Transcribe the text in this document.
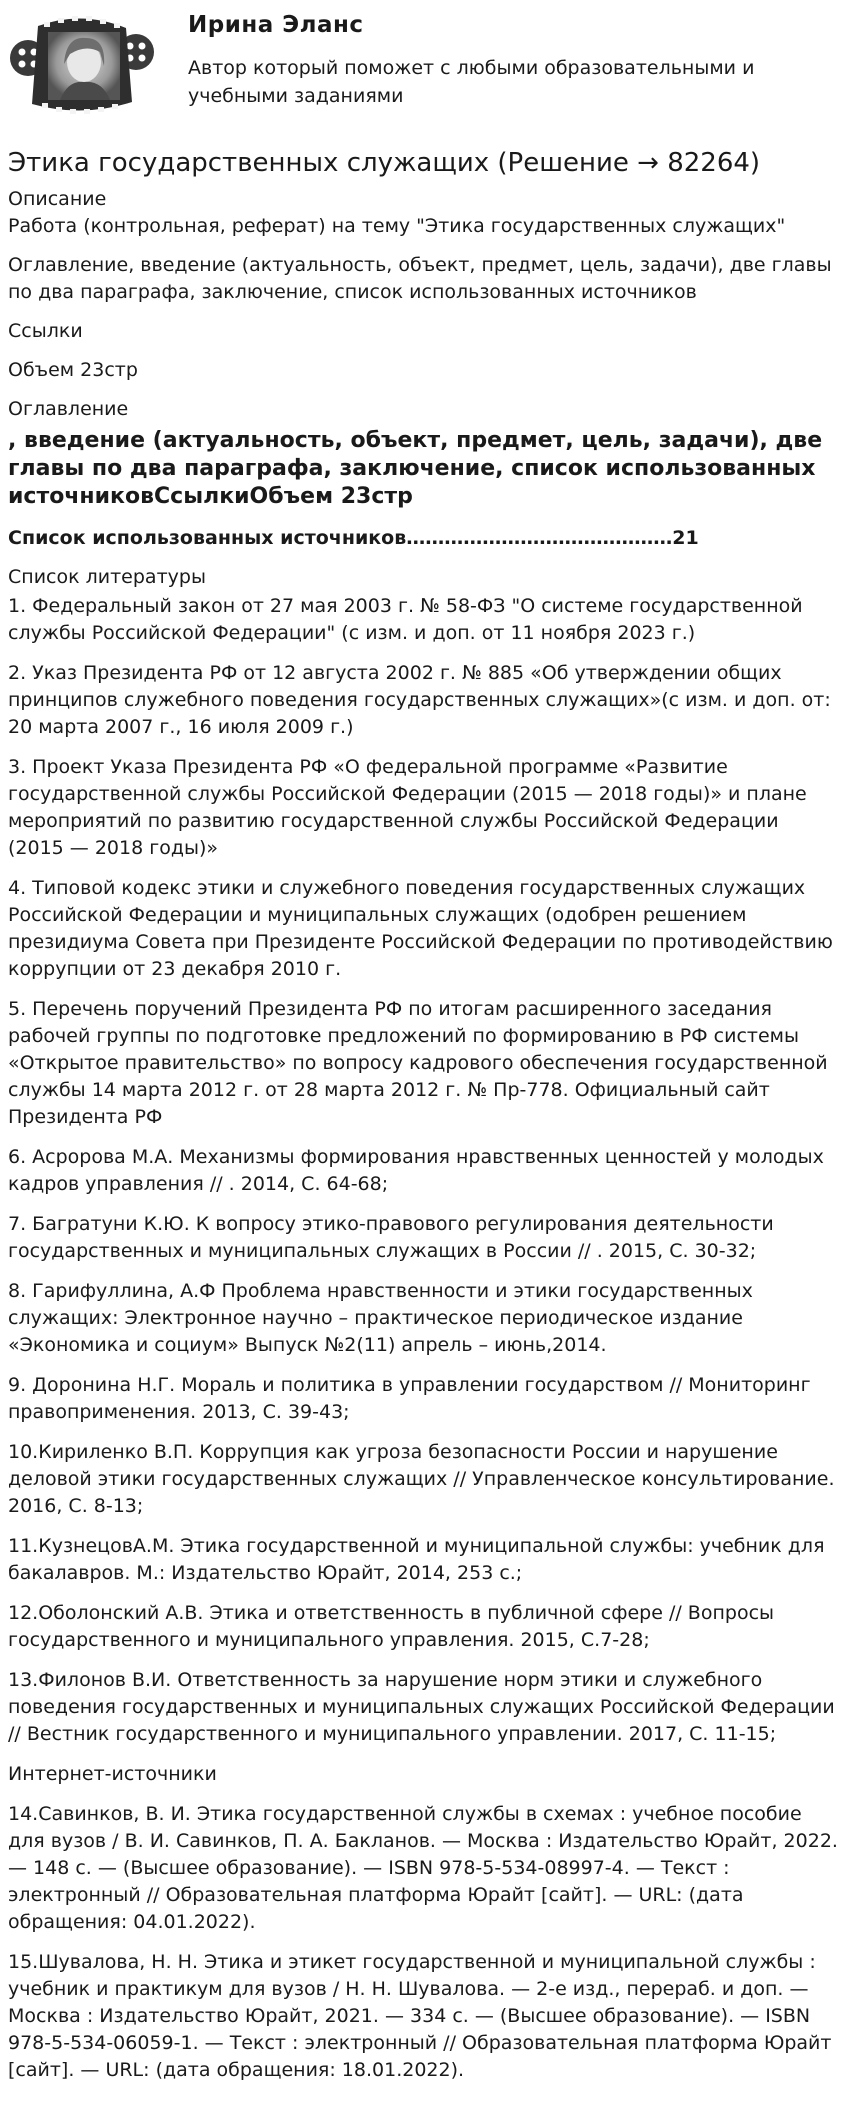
Ирина Эланс
Автор который поможет с любыми образовательными и учебными заданиями
Этика государственных служащих (Решение → 82264)
Описание
Работа (контрольная, реферат) на тему "Этика государственных служащих"
Оглавление, введение (актуальность, объект, предмет, цель, задачи), две главы по два параграфа, заключение, список использованных источников
Ссылки
Объем 23стр
Оглавление
, введение (актуальность, объект, предмет, цель, задачи), две главы по два параграфа, заключение, список использованных источниковСсылкиОбъем 23стр
Список использованных источников……………………………………21
Список литературы
1. Федеральный закон от 27 мая 2003 г. № 58-ФЗ "О системе государственной службы Российской Федерации" (с изм. и доп. от 11 ноября 2023 г.)
2. Указ Президента РФ от 12 августа 2002 г. № 885 «Об утверждении общих принципов служебного поведения государственных служащих»(с изм. и доп. от: 20 марта 2007 г., 16 июля 2009 г.)
3. Проект Указа Президента РФ «О федеральной программе «Развитие государственной службы Российской Федерации (2015 — 2018 годы)» и плане мероприятий по развитию государственной службы Российской Федерации (2015 — 2018 годы)»
4. Типовой кодекс этики и служебного поведения государственных служащих Российской Федерации и муниципальных служащих (одобрен решением президиума Совета при Президенте Российской Федерации по противодействию коррупции от 23 декабря 2010 г.
5. Перечень поручений Президента РФ по итогам расширенного заседания рабочей группы по подготовке предложений по формированию в РФ системы «Открытое правительство» по вопросу кадрового обеспечения государственной службы 14 марта 2012 г. от 28 марта 2012 г. № Пр-778. Официальный сайт Президента РФ
6. Асророва М.А. Механизмы формирования нравственных ценностей у молодых кадров управления // . 2014, С. 64-68;
7. Багратуни К.Ю. К вопросу этико-правового регулирования деятельности государственных и муниципальных служащих в России // . 2015, С. 30-32;
8. Гарифуллина, А.Ф Проблема нравственности и этики государственных служащих: Электронное научно – практическое периодическое издание «Экономика и социум» Выпуск №2(11) апрель – июнь,2014.
9. Доронина Н.Г. Мораль и политика в управлении государством // Мониторинг правоприменения. 2013, С. 39-43;
10.Кириленко В.П. Коррупция как угроза безопасности России и нарушение деловой этики государственных служащих // Управленческое консультирование. 2016, С. 8-13;
11.КузнецовА.М. Этика государственной и муниципальной службы: учебник для бакалавров. М.: Издательство Юрайт, 2014, 253 с.;
12.Оболонский А.В. Этика и ответственность в публичной сфере // Вопросы государственного и муниципального управления. 2015, С.7-28;
13.Филонов В.И. Ответственность за нарушение норм этики и служебного поведения государственных и муниципальных служащих Российской Федерации // Вестник государственного и муниципального управлении. 2017, С. 11-15;
Интернет-источники
14.Савинков, В. И. Этика государственной службы в схемах : учебное пособие для вузов / В. И. Савинков, П. А. Бакланов. — Москва : Издательство Юрайт, 2022. — 148 с. — (Высшее образование). — ISBN 978-5-534-08997-4. — Текст : электронный // Образовательная платформа Юрайт [сайт]. — URL: (дата обращения: 04.01.2022).
15.Шувалова, Н. Н. Этика и этикет государственной и муниципальной службы : учебник и практикум для вузов / Н. Н. Шувалова. — 2-е изд., перераб. и доп. — Москва : Издательство Юрайт, 2021. — 334 с. — (Высшее образование). — ISBN 978-5-534-06059-1. — Текст : электронный // Образовательная платформа Юрайт [сайт]. — URL: (дата обращения: 18.01.2022).
